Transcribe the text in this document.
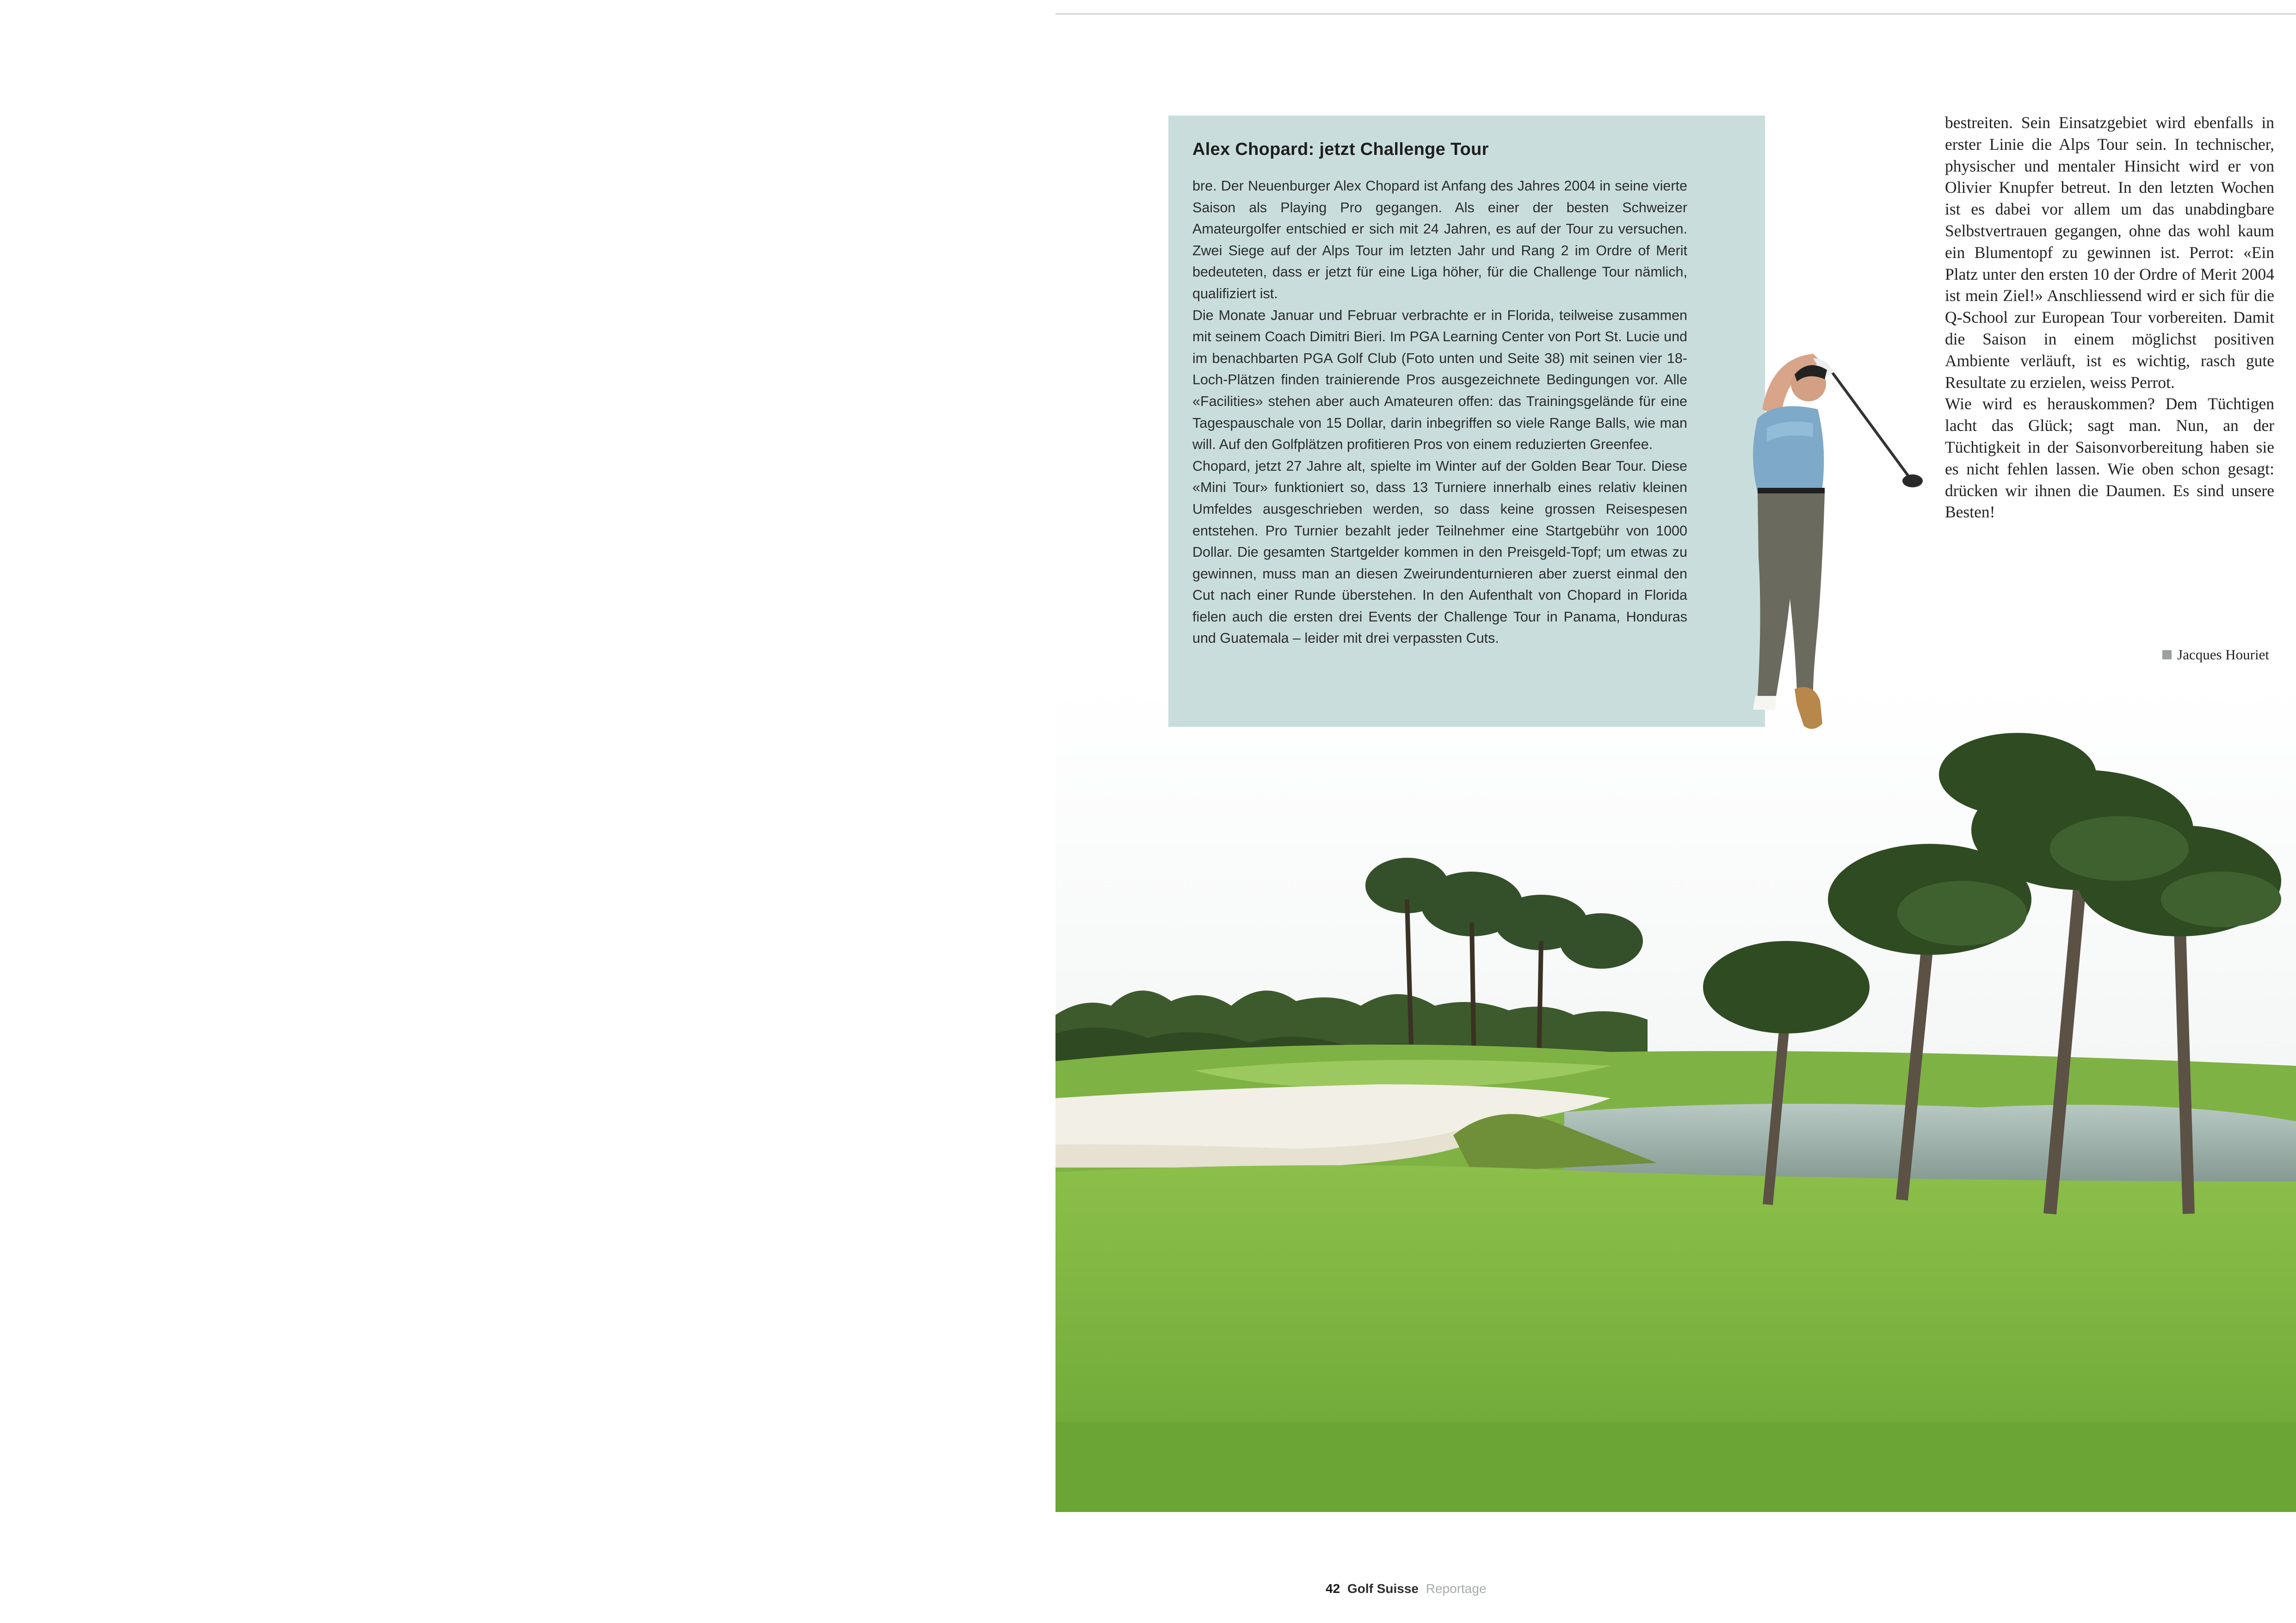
Alex Chopard: jetzt Challenge Tour

bre. Der Neuenburger Alex Chopard ist Anfang des Jahres 2004 in seine vierte Saison als Playing Pro gegangen. Als einer der besten Schweizer Amateurgolfer entschied er sich mit 24 Jahren, es auf der Tour zu versuchen. Zwei Siege auf der Alps Tour im letzten Jahr und Rang 2 im Ordre of Merit bedeuteten, dass er jetzt für eine Liga höher, für die Challenge Tour nämlich, qualifiziert ist.

Die Monate Januar und Februar verbrachte er in Florida, teilweise zusammen mit seinem Coach Dimitri Bieri. Im PGA Learning Center von Port St. Lucie und im benachbarten PGA Golf Club (Foto unten und Seite 38) mit seinen vier 18-Loch-Plätzen finden trainierende Pros ausgezeichnete Bedingungen vor. Alle «Facilities» stehen aber auch Amateuren offen: das Trainingsgelände für eine Tagespauschale von 15 Dollar, darin inbegriffen so viele Range Balls, wie man will. Auf den Golfplätzen profitieren Pros von einem reduzierten Greenfee.

Chopard, jetzt 27 Jahre alt, spielte im Winter auf der Golden Bear Tour. Diese «Mini Tour» funktioniert so, dass 13 Turniere innerhalb eines relativ kleinen Umfeldes ausgeschrieben werden, so dass keine grossen Reisespesen entstehen. Pro Turnier bezahlt jeder Teilnehmer eine Startgebühr von 1000 Dollar. Die gesamten Startgelder kommen in den Preisgeld-Topf; um etwas zu gewinnen, muss man an diesen Zweirundenturnieren aber zuerst einmal den Cut nach einer Runde überstehen. In den Aufenthalt von Chopard in Florida fielen auch die ersten drei Events der Challenge Tour in Panama, Honduras und Guatemala – leider mit drei verpassten Cuts.

bestreiten. Sein Einsatzgebiet wird ebenfalls in erster Linie die Alps Tour sein. In technischer, physischer und mentaler Hinsicht wird er von Olivier Knupfer betreut. In den letzten Wochen ist es dabei vor allem um das unabdingbare Selbstvertrauen gegangen, ohne das wohl kaum ein Blumentopf zu gewinnen ist. Perrot: «Ein Platz unter den ersten 10 der Ordre of Merit 2004 ist mein Ziel!» Anschliessend wird er sich für die Q-School zur European Tour vorbereiten. Damit die Saison in einem möglichst positiven Ambiente verläuft, ist es wichtig, rasch gute Resultate zu erzielen, weiss Perrot.

Wie wird es herauskommen? Dem Tüchtigen lacht das Glück; sagt man. Nun, an der Tüchtigkeit in der Saisonvorbereitung haben sie es nicht fehlen lassen. Wie oben schon gesagt: drücken wir ihnen die Daumen. Es sind unsere Besten!

Jacques Houriet
42 Golf Suisse Reportage
